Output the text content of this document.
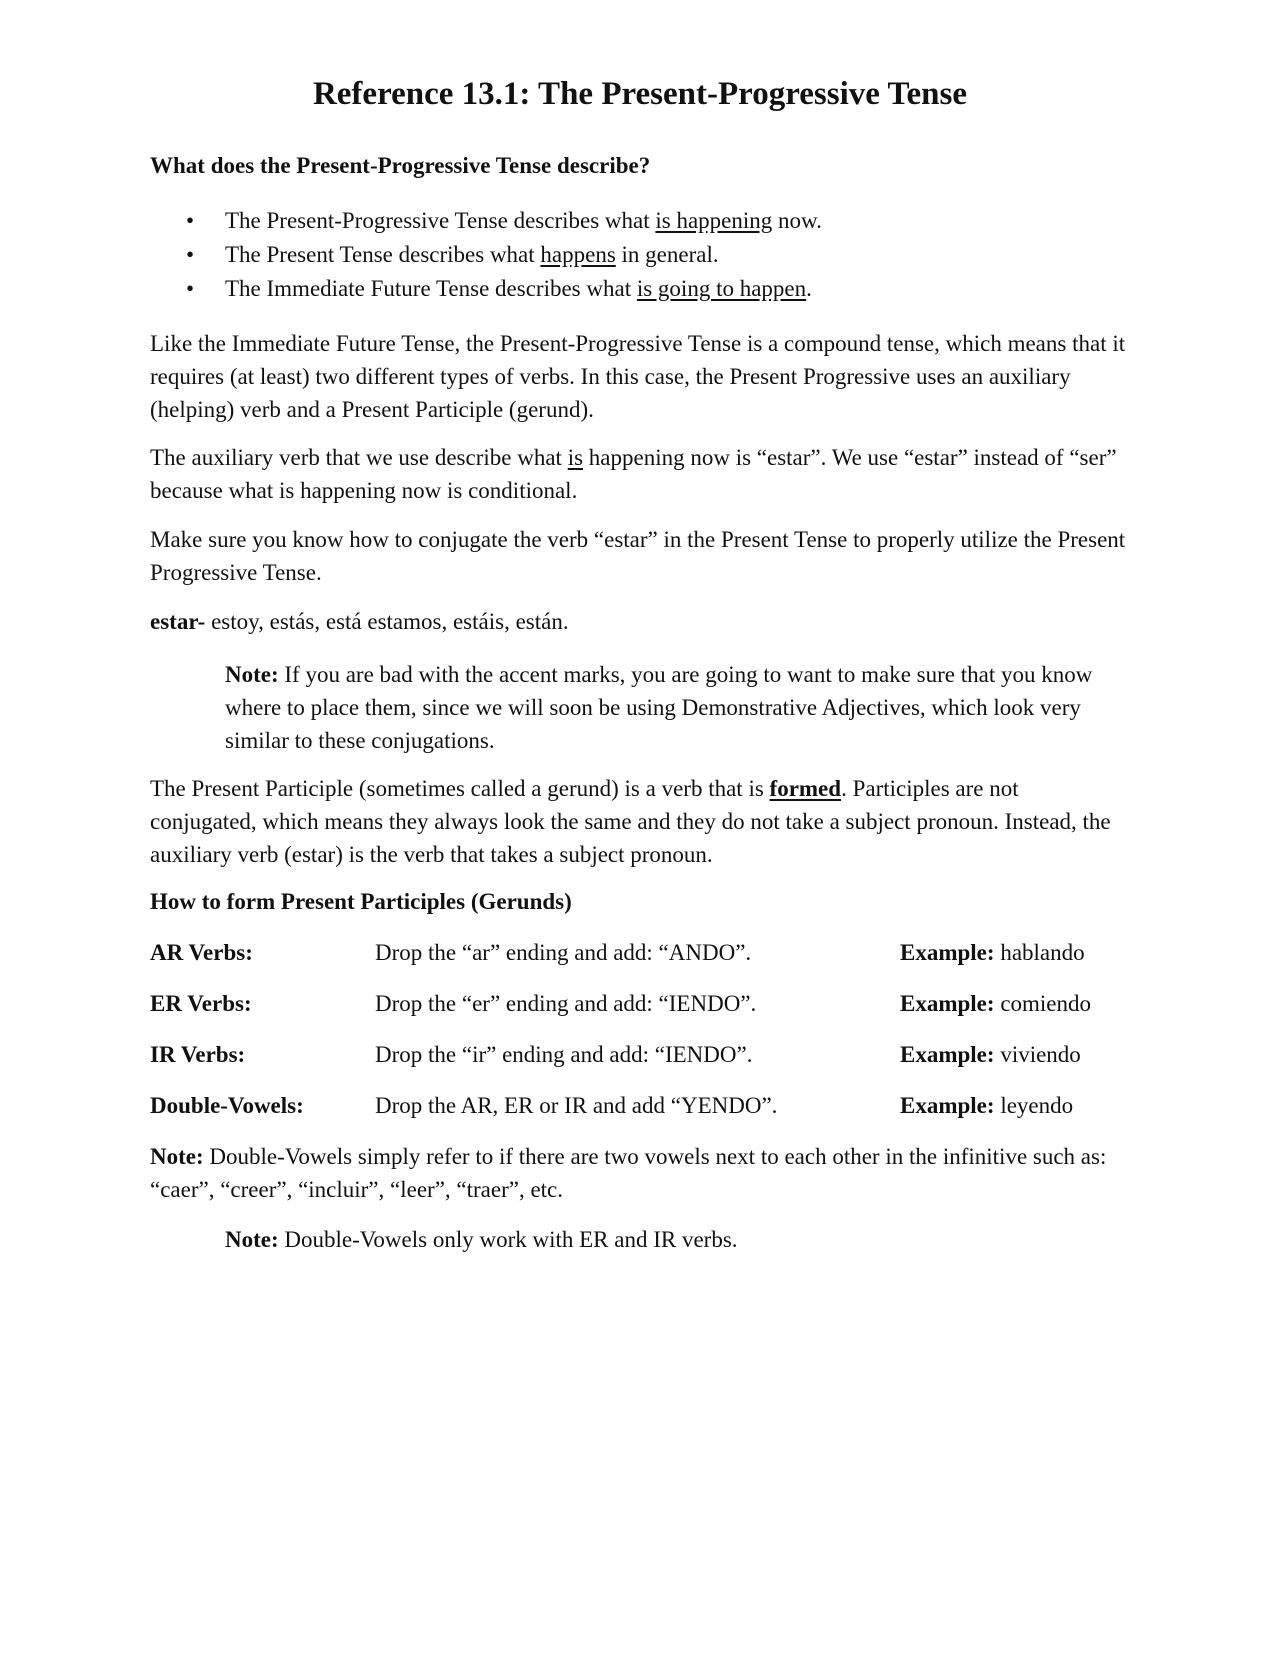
Reference 13.1: The Present-Progressive Tense
What does the Present-Progressive Tense describe?
• The Present-Progressive Tense describes what is happening now.
• The Present Tense describes what happens in general.
• The Immediate Future Tense describes what is going to happen.

Like the Immediate Future Tense, the Present-Progressive Tense is a compound tense, which means that it requires (at least) two different types of verbs. In this case, the Present Progressive uses an auxiliary (helping) verb and a Present Participle (gerund).

The auxiliary verb that we use describe what is happening now is “estar”. We use “estar” instead of “ser” because what is happening now is conditional.

Make sure you know how to conjugate the verb “estar” in the Present Tense to properly utilize the Present Progressive Tense.

estar- estoy, estás, está estamos, estáis, están.

Note: If you are bad with the accent marks, you are going to want to make sure that you know where to place them, since we will soon be using Demonstrative Adjectives, which look very similar to these conjugations.

The Present Participle (sometimes called a gerund) is a verb that is formed. Participles are not conjugated, which means they always look the same and they do not take a subject pronoun. Instead, the auxiliary verb (estar) is the verb that takes a subject pronoun.

How to form Present Participles (Gerunds)

AR Verbs:	Drop the “ar” ending and add: “ANDO”.	Example: hablando
ER Verbs:	Drop the “er” ending and add: “IENDO”.	Example: comiendo
IR Verbs:	Drop the “ir” ending and add: “IENDO”.	Example: viviendo
Double-Vowels:	Drop the AR, ER or IR and add “YENDO”.	Example: leyendo

Note: Double-Vowels simply refer to if there are two vowels next to each other in the infinitive such as: “caer”, “creer”, “incluir”, “leer”, “traer”, etc.

Note: Double-Vowels only work with ER and IR verbs.
